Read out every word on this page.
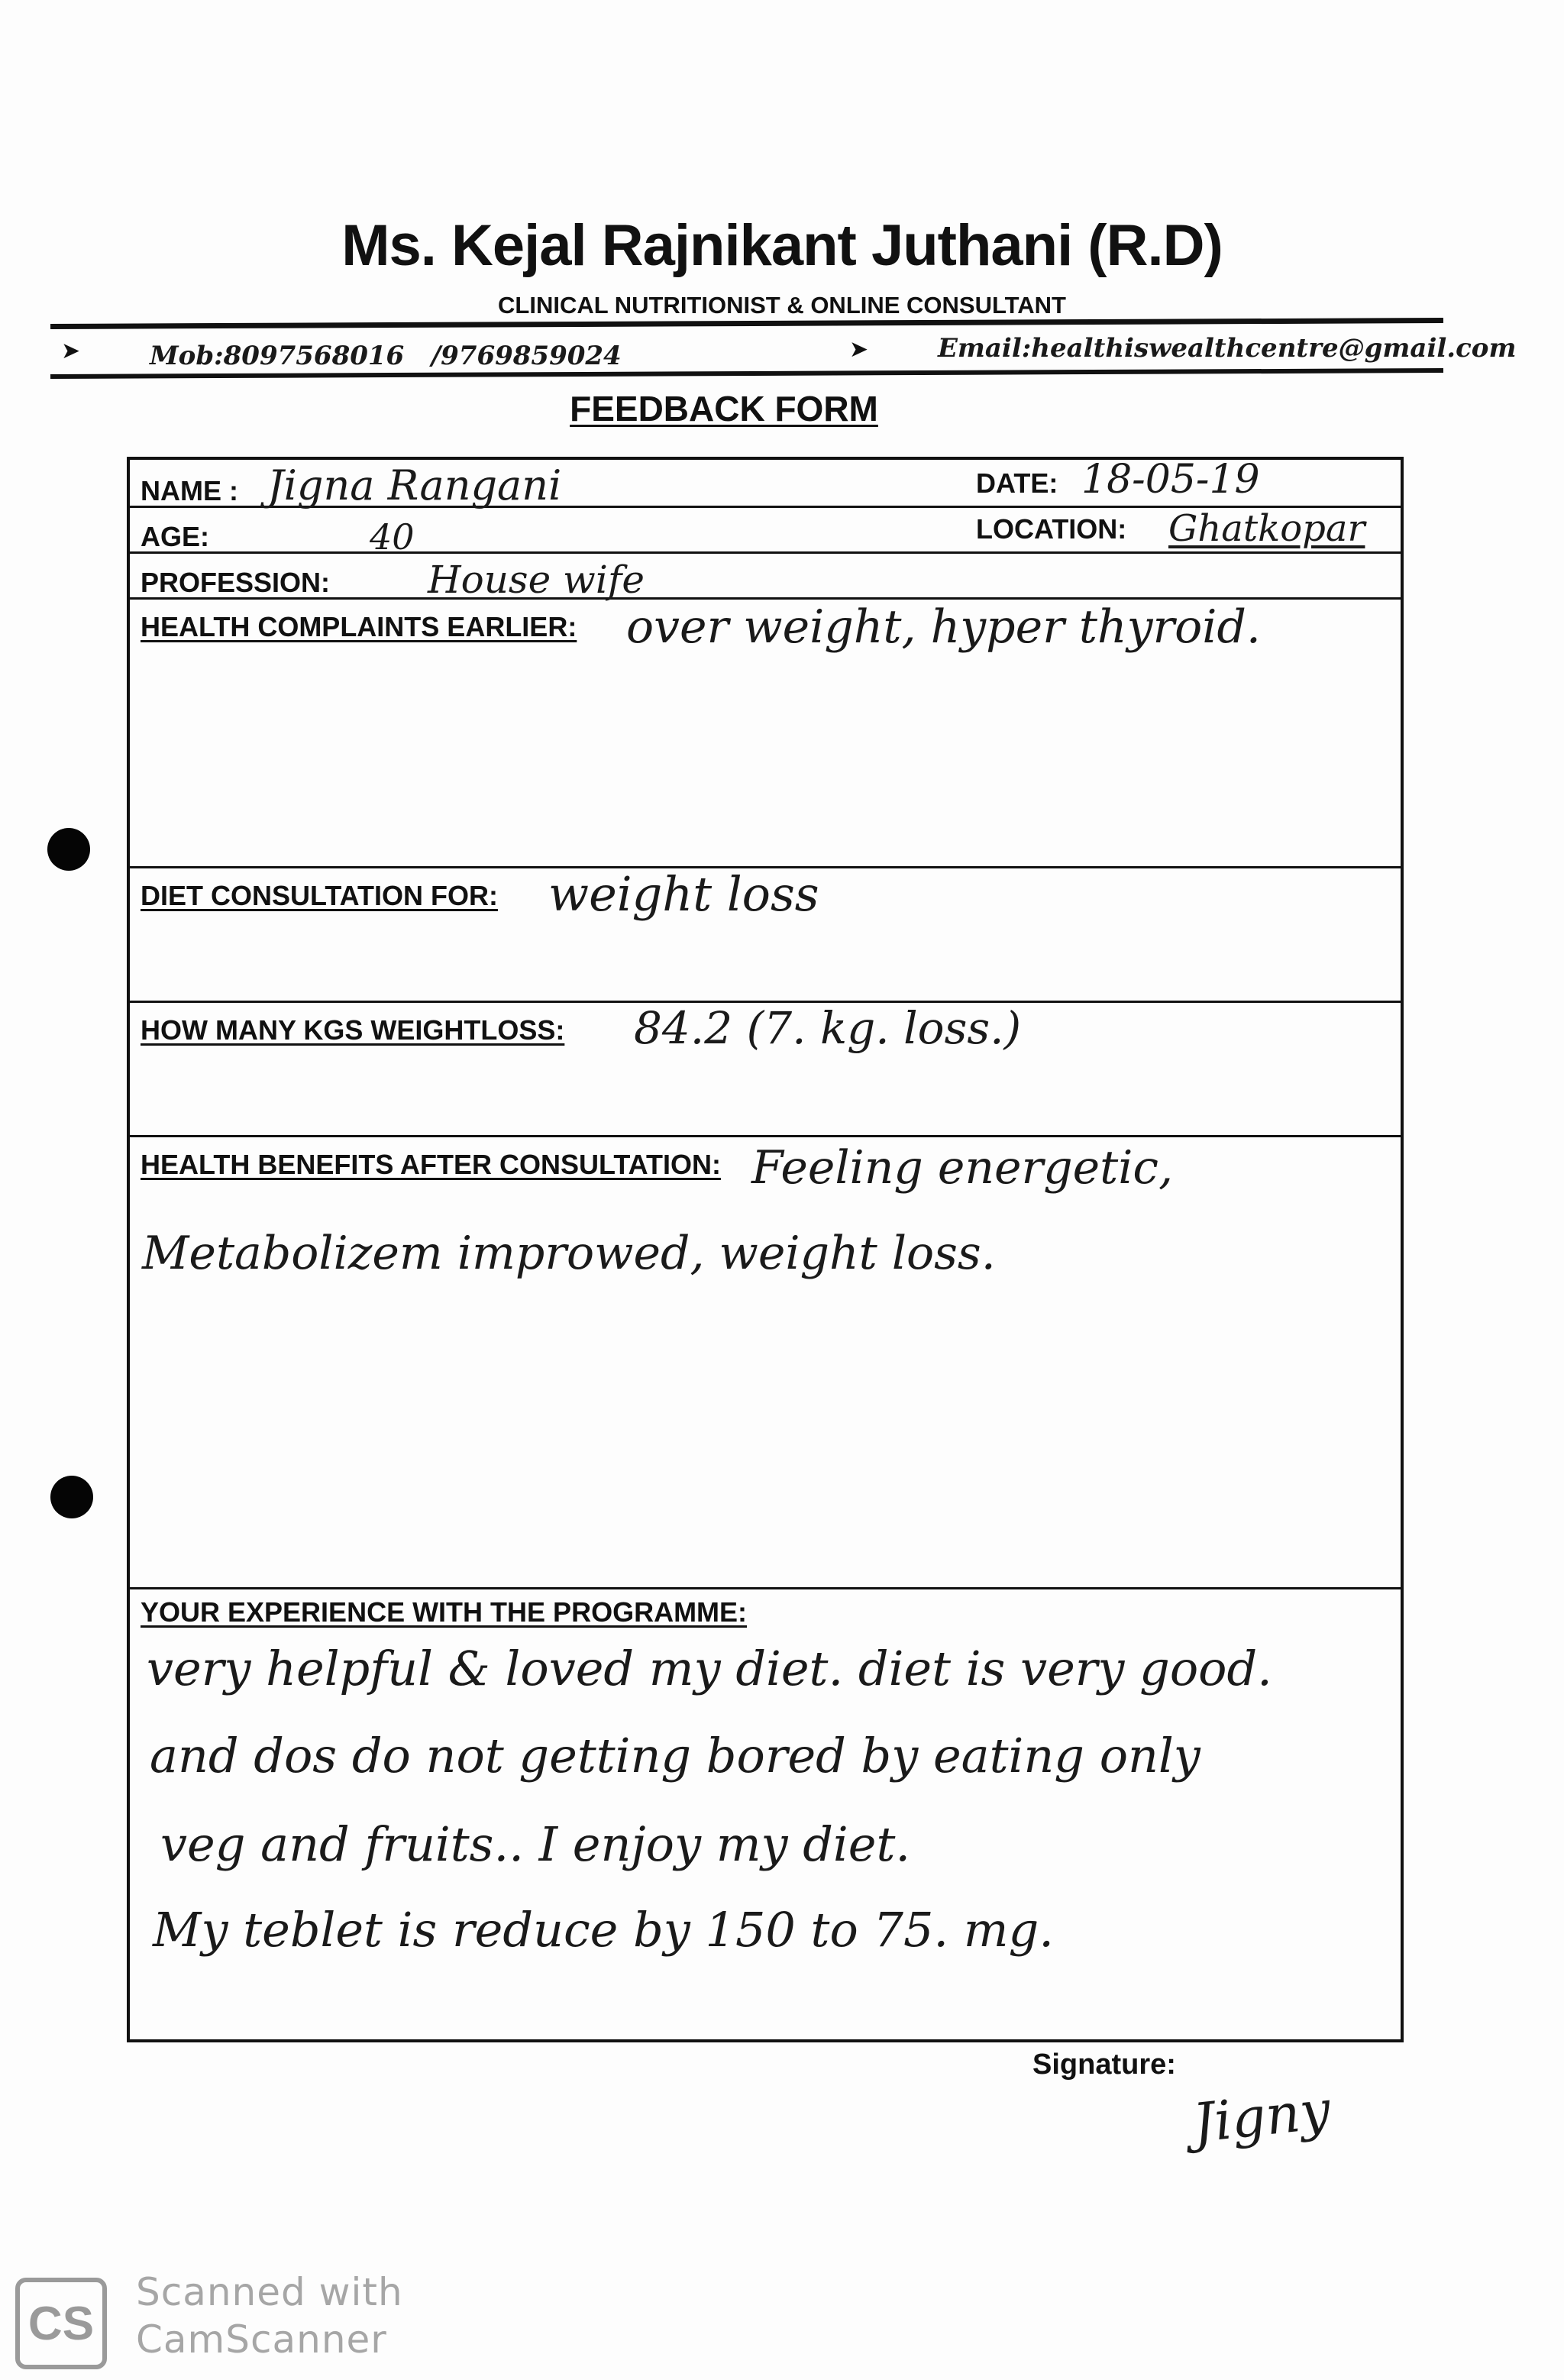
Ms. Kejal Rajnikant Juthani (R.D)
CLINICAL NUTRITIONIST & ONLINE CONSULTANT
➤	Mob:8097568016   /9769859024	➤	Email:healthiswealthcentre@gmail.com
FEEDBACK FORM
NAME : Jigna Rangani	DATE: 18-05-19
AGE:	40	LOCATION: Ghatkopar
PROFESSION:	House wife
HEALTH COMPLAINTS EARLIER: over weight, hyper thyroid.
DIET CONSULTATION FOR: weight loss
HOW MANY KGS WEIGHTLOSS: 84.2 (7. kg. loss.)
HEALTH BENEFITS AFTER CONSULTATION: Feeling energetic,
Metabolizem improwed, weight loss.
YOUR EXPERIENCE WITH THE PROGRAMME:
very helpful & loved my diet. diet is very good.
and dos do not getting bored by eating only
veg and fruits.. I enjoy my diet.
My teblet is reduce by 150 to 75. mg.
Signature:
Jigny
CS
Scanned with
CamScanner
